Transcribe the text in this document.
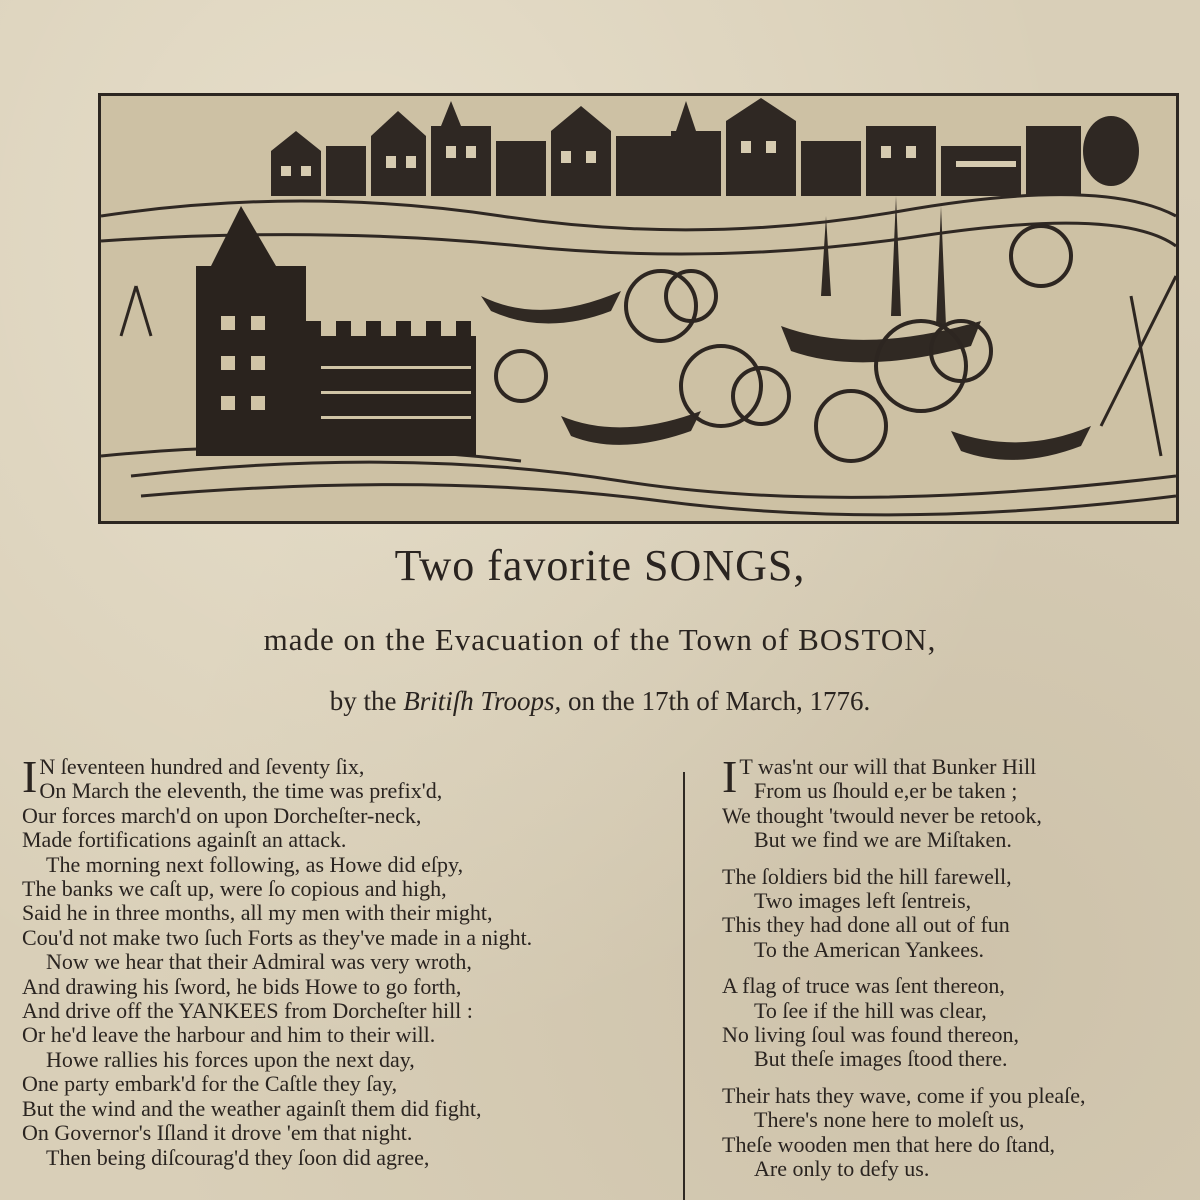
Two favorite SONGS,
made on the Evacuation of the Town of BOSTON,
by the Britiſh Troops, on the 17th of March, 1776.
I N ſeventeen hundred and ſeventy ſix,
On March the eleventh, the time was prefix'd,
Our forces march'd on upon Dorcheſter-neck,
Made fortifications againſt an attack.
The morning next following, as Howe did eſpy,
The banks we caſt up, were ſo copious and high,
Said he in three months, all my men with their might,
Cou'd not make two ſuch Forts as they've made in a night.
Now we hear that their Admiral was very wroth,
And drawing his ſword, he bids Howe to go forth,
And drive off the YANKEES from Dorcheſter hill :
Or he'd leave the harbour and him to their will.
Howe rallies his forces upon the next day,
One party embark'd for the Caſtle they ſay,
But the wind and the weather againſt them did fight,
On Governor's Iſland it drove 'em that night.
Then being diſcourag'd they ſoon did agree,
I T was'nt our will that Bunker Hill
From us ſhould e,er be taken ;
We thought 'twould never be retook,
But we find we are Miſtaken.
The ſoldiers bid the hill farewell,
Two images left ſentreis,
This they had done all out of fun
To the American Yankees.
A flag of truce was ſent thereon,
To ſee if the hill was clear,
No living ſoul was found thereon,
But theſe images ſtood there.
Their hats they wave, come if you pleaſe,
There's none here to moleſt us,
Theſe wooden men that here do ſtand,
Are only to defy us.
